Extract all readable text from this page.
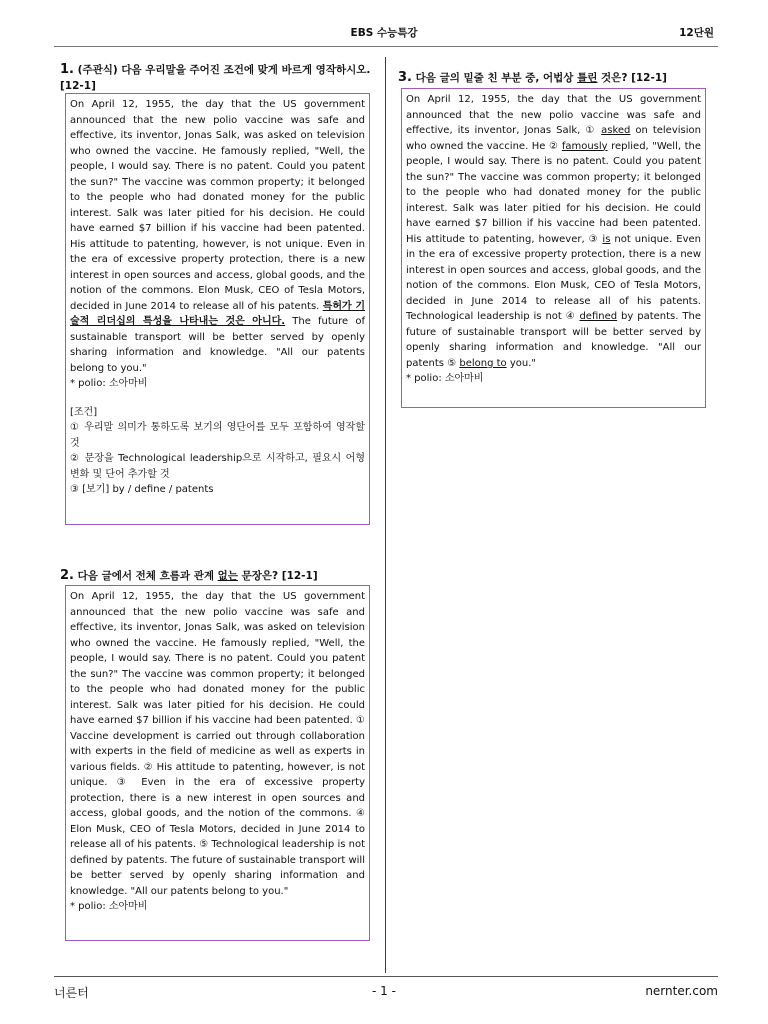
EBS 수능특강	12단원
1. (주관식) 다음 우리말을 주어진 조건에 맞게 바르게 영작하시오. [12-1]

On April 12, 1955, the day that the US government announced that the new polio vaccine was safe and effective, its inventor, Jonas Salk, was asked on television who owned the vaccine. He famously replied, "Well, the people, I would say. There is no patent. Could you patent the sun?" The vaccine was common property; it belonged to the people who had donated money for the public interest. Salk was later pitied for his decision. He could have earned $7 billion if his vaccine had been patented. His attitude to patenting, however, is not unique. Even in the era of excessive property protection, there is a new interest in open sources and access, global goods, and the notion of the commons. Elon Musk, CEO of Tesla Motors, decided in June 2014 to release all of his patents. 특허가 기술적 리더십의 특성을 나타내는 것은 아니다. The future of sustainable transport will be better served by openly sharing information and knowledge. "All our patents belong to you."

* polio: 소아마비

[조건]

① 우리말 의미가 통하도록 보기의 영단어를 모두 포함하여 영작할 것

② 문장을 Technological leadership으로 시작하고, 필요시 어형 변화 및 단어 추가할 것

③ [보기] by / define / patents

2. 다음 글에서 전체 흐름과 관계 없는 문장은? [12-1]

On April 12, 1955, the day that the US government announced that the new polio vaccine was safe and effective, its inventor, Jonas Salk, was asked on television who owned the vaccine. He famously replied, "Well, the people, I would say. There is no patent. Could you patent the sun?" The vaccine was common property; it belonged to the people who had donated money for the public interest. Salk was later pitied for his decision. He could have earned $7 billion if his vaccine had been patented. ① Vaccine development is carried out through collaboration with experts in the field of medicine as well as experts in various fields. ② His attitude to patenting, however, is not unique. ③ Even in the era of excessive property protection, there is a new interest in open sources and access, global goods, and the notion of the commons. ④ Elon Musk, CEO of Tesla Motors, decided in June 2014 to release all of his patents. ⑤ Technological leadership is not defined by patents. The future of sustainable transport will be better served by openly sharing information and knowledge. "All our patents belong to you."

* polio: 소아마비

3. 다음 글의 밑줄 친 부분 중, 어법상 틀린 것은? [12-1]

On April 12, 1955, the day that the US government announced that the new polio vaccine was safe and effective, its inventor, Jonas Salk, ① asked on television who owned the vaccine. He ② famously replied, "Well, the people, I would say. There is no patent. Could you patent the sun?" The vaccine was common property; it belonged to the people who had donated money for the public interest. Salk was later pitied for his decision. He could have earned $7 billion if his vaccine had been patented. His attitude to patenting, however, ③ is not unique. Even in the era of excessive property protection, there is a new interest in open sources and access, global goods, and the notion of the commons. Elon Musk, CEO of Tesla Motors, decided in June 2014 to release all of his patents. Technological leadership is not ④ defined by patents. The future of sustainable transport will be better served by openly sharing information and knowledge. "All our patents ⑤ belong to you."

* polio: 소아마비

너른터	- 1 -	nernter.com
